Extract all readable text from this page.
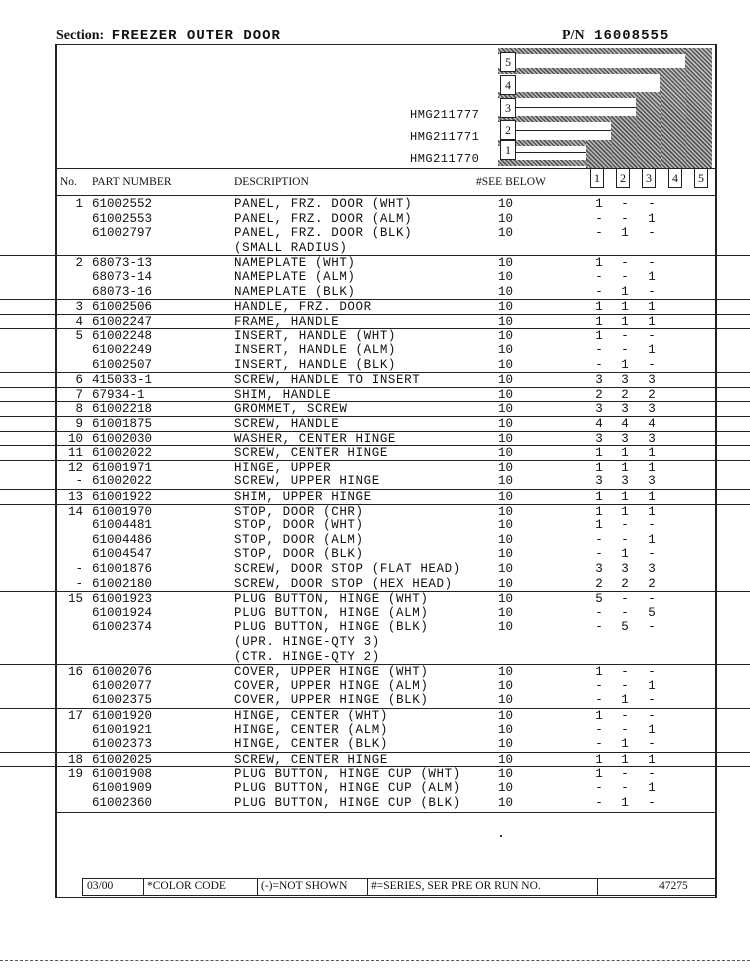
Section: FREEZER OUTER DOOR	P/N 16008555
5
4
3
2
1
HMG211777
HMG211771
HMG211770
No. PART NUMBER	DESCRIPTION	#SEE BELOW	1	2	3	4	5
1 61002552	PANEL, FRZ. DOOR (WHT)	10	1 - -
61002553	PANEL, FRZ. DOOR (ALM)	10	- - 1
61002797	PANEL, FRZ. DOOR (BLK)	10	- 1 -
(SMALL RADIUS)
2 68073-13	NAMEPLATE (WHT)	10	1 - -
68073-14	NAMEPLATE (ALM)	10	- - 1
68073-16	NAMEPLATE (BLK)	10	- 1 -
3 61002506	HANDLE, FRZ. DOOR	10	1 1 1
4 61002247	FRAME, HANDLE	10	1 1 1
5 61002248	INSERT, HANDLE (WHT)	10	1 - -
61002249	INSERT, HANDLE (ALM)	10	- - 1
61002507	INSERT, HANDLE (BLK)	10	- 1 -
6 415033-1	SCREW, HANDLE TO INSERT	10	3 3 3
7 67934-1	SHIM, HANDLE	10	2 2 2
8 61002218	GROMMET, SCREW	10	3 3 3
9 61001875	SCREW, HANDLE	10	4 4 4
10 61002030	WASHER, CENTER HINGE	10	3 3 3
11 61002022	SCREW, CENTER HINGE	10	1 1 1
12 61001971	HINGE, UPPER	10	1 1 1
- 61002022	SCREW, UPPER HINGE	10	3 3 3
13 61001922	SHIM, UPPER HINGE	10	1 1 1
14 61001970	STOP, DOOR (CHR)	10	1 1 1
61004481	STOP, DOOR (WHT)	10	1 - -
61004486	STOP, DOOR (ALM)	10	- - 1
61004547	STOP, DOOR (BLK)	10	- 1 -
- 61001876	SCREW, DOOR STOP (FLAT HEAD)	10	3 3 3
- 61002180	SCREW, DOOR STOP (HEX HEAD)	10	2 2 2
15 61001923	PLUG BUTTON, HINGE (WHT)	10	5 - -
61001924	PLUG BUTTON, HINGE (ALM)	10	- - 5
61002374	PLUG BUTTON, HINGE (BLK)	10	- 5 -
(UPR. HINGE-QTY 3)
(CTR. HINGE-QTY 2)
16 61002076	COVER, UPPER HINGE (WHT)	10	1 - -
61002077	COVER, UPPER HINGE (ALM)	10	- - 1
61002375	COVER, UPPER HINGE (BLK)	10	- 1 -
17 61001920	HINGE, CENTER (WHT)	10	1 - -
61001921	HINGE, CENTER (ALM)	10	- - 1
61002373	HINGE, CENTER (BLK)	10	- 1 -
18 61002025	SCREW, CENTER HINGE	10	1 1 1
19 61001908	PLUG BUTTON, HINGE CUP (WHT)	10	1 - -
61001909	PLUG BUTTON, HINGE CUP (ALM)	10	- - 1
61002360	PLUG BUTTON, HINGE CUP (BLK)	10	- 1 -
03/00	*COLOR CODE	(-)=NOT SHOWN #=SERIES, SER PRE OR RUN NO.	47275
